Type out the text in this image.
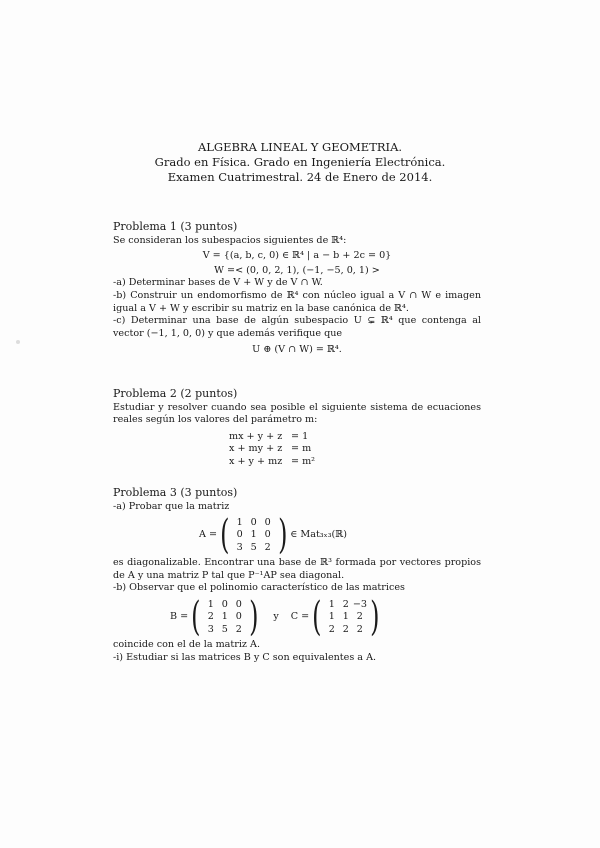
ALGEBRA LINEAL Y GEOMETRIA.
Grado en Física. Grado en Ingeniería Electrónica.
Examen Cuatrimestral. 24 de Enero de 2014.
Problema 1 (3 puntos)
Se consideran los subespacios siguientes de ℝ⁴:
V = {(a, b, c, 0) ∈ ℝ⁴ | a − b + 2c = 0}
W =< (0, 0, 2, 1), (−1, −5, 0, 1) >
-a) Determinar bases de V + W y de V ∩ W.
-b) Construir un endomorfismo de ℝ⁴ con núcleo igual a V ∩ W e imagen igual a V + W y escribir su matriz en la base canónica de ℝ⁴.
-c) Determinar una base de algún subespacio U ⊊ ℝ⁴ que contenga al vector (−1, 1, 0, 0) y que además verifique que
U ⊕ (V ∩ W) = ℝ⁴.
Problema 2 (2 puntos)
Estudiar y resolver cuando sea posible el siguiente sistema de ecuaciones reales según los valores del parámetro m:
mx + y + z = 1
x + my + z = m
x + y + mz = m²
Problema 3 (3 puntos)
-a) Probar que la matriz
A = ( 1 0 0
0 1 0
3 5 2 ) ∈ Mat₃ₓ₃(ℝ)
es diagonalizable. Encontrar una base de ℝ³ formada por vectores propios de A y una matriz P tal que P⁻¹AP sea diagonal.
-b) Observar que el polinomio característico de las matrices
B = ( 1 0 0
2 1 0
3 5 2 ) y C = ( 1 2 −3
1 1 2
2 2 2 )
coincide con el de la matriz A.
-i) Estudiar si las matrices B y C son equivalentes a A.
